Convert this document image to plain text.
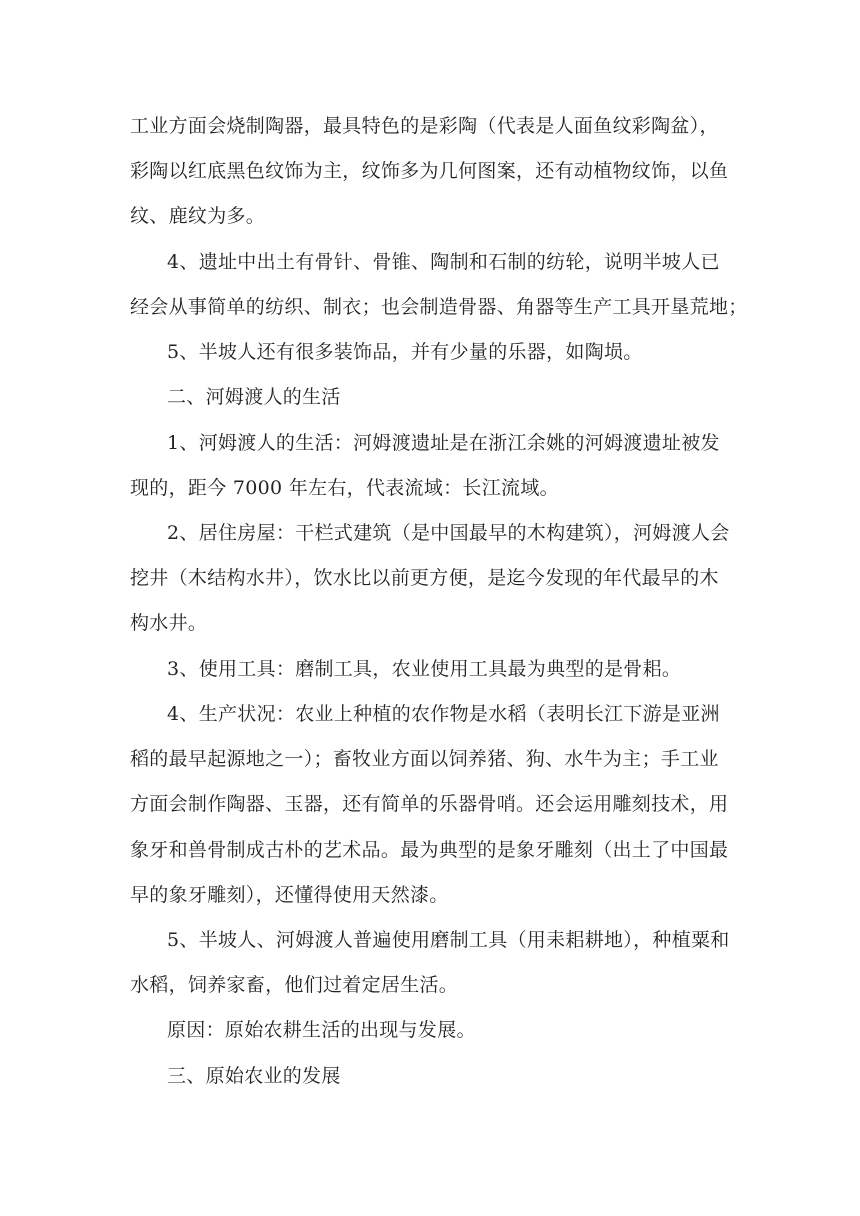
工业方面会烧制陶器，最具特色的是彩陶（代表是人面鱼纹彩陶盆），
彩陶以红底黑色纹饰为主，纹饰多为几何图案，还有动植物纹饰，以鱼
纹、鹿纹为多。
4、遗址中出土有骨针、骨锥、陶制和石制的纺轮，说明半坡人已
经会从事简单的纺织、制衣；也会制造骨器、角器等生产工具开垦荒地；
5、半坡人还有很多装饰品，并有少量的乐器，如陶埙。
二、河姆渡人的生活
1、河姆渡人的生活：河姆渡遗址是在浙江余姚的河姆渡遗址被发
现的，距今 7000 年左右，代表流域：长江流域。
2、居住房屋：干栏式建筑（是中国最早的木构建筑），河姆渡人会
挖井（木结构水井），饮水比以前更方便，是迄今发现的年代最早的木
构水井。
3、使用工具：磨制工具，农业使用工具最为典型的是骨耜。
4、生产状况：农业上种植的农作物是水稻（表明长江下游是亚洲
稻的最早起源地之一）；畜牧业方面以饲养猪、狗、水牛为主；手工业
方面会制作陶器、玉器，还有简单的乐器骨哨。还会运用雕刻技术，用
象牙和兽骨制成古朴的艺术品。最为典型的是象牙雕刻（出土了中国最
早的象牙雕刻），还懂得使用天然漆。
5、半坡人、河姆渡人普遍使用磨制工具（用耒耜耕地），种植粟和
水稻，饲养家畜，他们过着定居生活。
原因：原始农耕生活的出现与发展。
三、原始农业的发展
